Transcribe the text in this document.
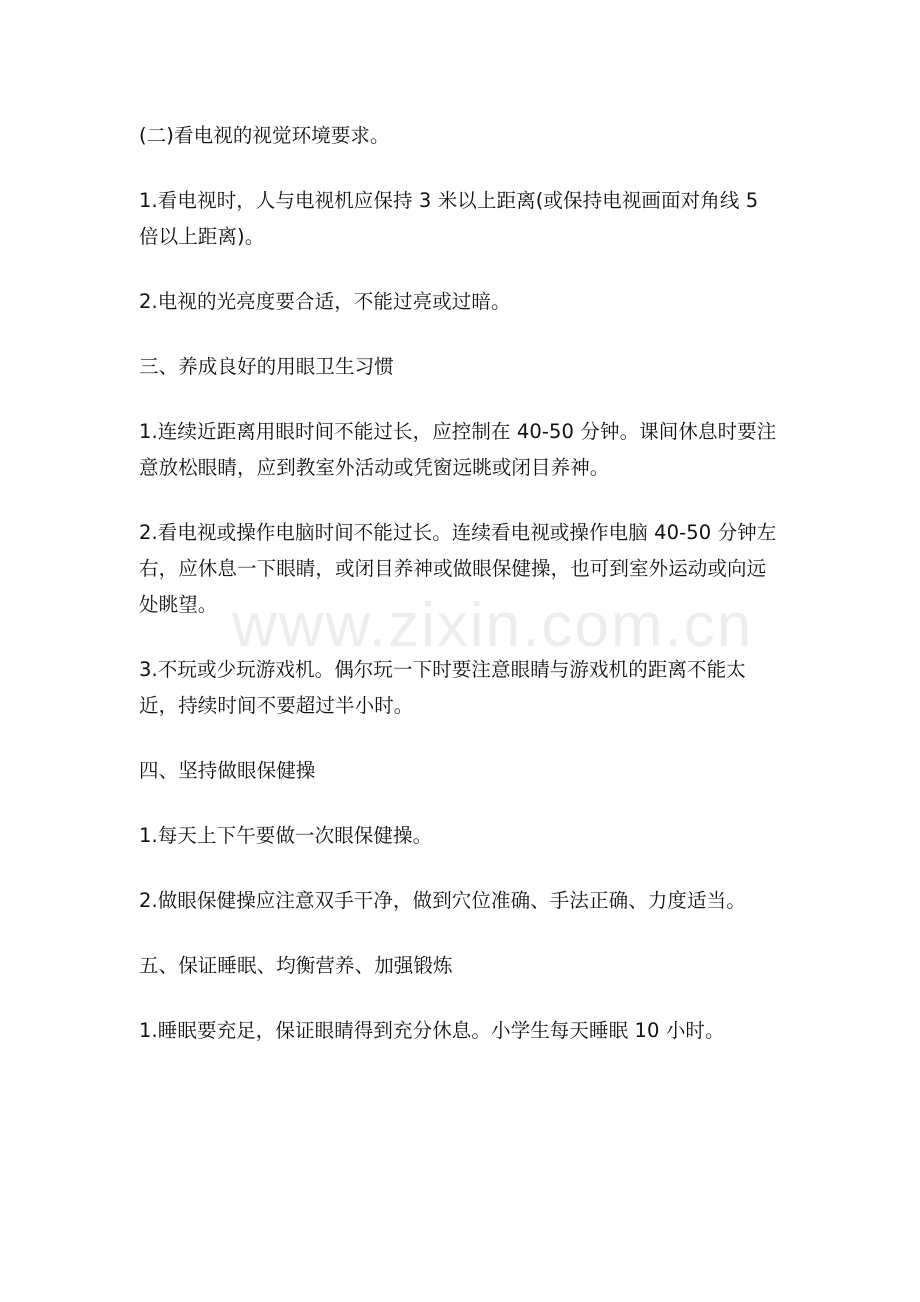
(二)看电视的视觉环境要求。

1.看电视时，人与电视机应保持 3 米以上距离(或保持电视画面对角线 5 倍以上距离)。

2.电视的光亮度要合适，不能过亮或过暗。

三、养成良好的用眼卫生习惯

1.连续近距离用眼时间不能过长，应控制在 40-50 分钟。课间休息时要注意放松眼睛，应到教室外活动或凭窗远眺或闭目养神。

2.看电视或操作电脑时间不能过长。连续看电视或操作电脑 40-50 分钟左右，应休息一下眼睛，或闭目养神或做眼保健操，也可到室外运动或向远处眺望。

3.不玩或少玩游戏机。偶尔玩一下时要注意眼睛与游戏机的距离不能太近，持续时间不要超过半小时。

四、坚持做眼保健操

1.每天上下午要做一次眼保健操。

2.做眼保健操应注意双手干净，做到穴位准确、手法正确、力度适当。

五、保证睡眠、均衡营养、加强锻炼

1.睡眠要充足，保证眼睛得到充分休息。小学生每天睡眠 10 小时。

www.zixin.com.cn
